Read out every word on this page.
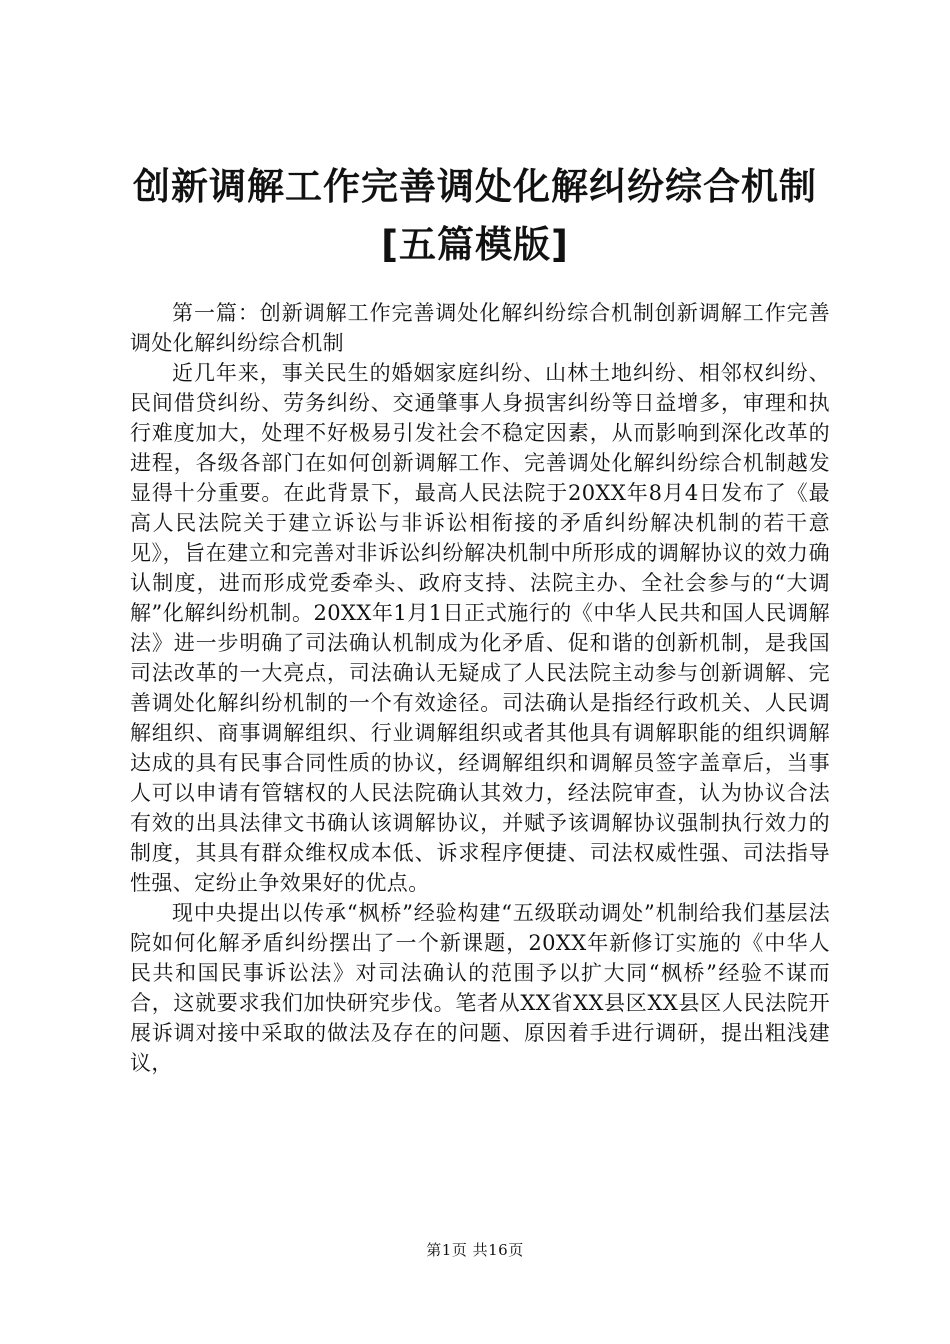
创新调解工作完善调处化解纠纷综合机制[五篇模版]

第一篇：创新调解工作完善调处化解纠纷综合机制创新调解工作完善调处化解纠纷综合机制

近几年来，事关民生的婚姻家庭纠纷、山林土地纠纷、相邻权纠纷、民间借贷纠纷、劳务纠纷、交通肇事人身损害纠纷等日益增多，审理和执行难度加大，处理不好极易引发社会不稳定因素，从而影响到深化改革的进程，各级各部门在如何创新调解工作、完善调处化解纠纷综合机制越发显得十分重要。在此背景下，最高人民法院于20XX年8月4日发布了《最高人民法院关于建立诉讼与非诉讼相衔接的矛盾纠纷解决机制的若干意见》，旨在建立和完善对非诉讼纠纷解决机制中所形成的调解协议的效力确认制度，进而形成党委牵头、政府支持、法院主办、全社会参与的“大调解”化解纠纷机制。20XX年1月1日正式施行的《中华人民共和国人民调解法》进一步明确了司法确认机制成为化矛盾、促和谐的创新机制，是我国司法改革的一大亮点，司法确认无疑成了人民法院主动参与创新调解、完善调处化解纠纷机制的一个有效途径。司法确认是指经行政机关、人民调解组织、商事调解组织、行业调解组织或者其他具有调解职能的组织调解达成的具有民事合同性质的协议，经调解组织和调解员签字盖章后，当事人可以申请有管辖权的人民法院确认其效力，经法院审查，认为协议合法有效的出具法律文书确认该调解协议，并赋予该调解协议强制执行效力的制度，其具有群众维权成本低、诉求程序便捷、司法权威性强、司法指导性强、定纷止争效果好的优点。

现中央提出以传承“枫桥”经验构建“五级联动调处”机制给我们基层法院如何化解矛盾纠纷摆出了一个新课题，20XX年新修订实施的《中华人民共和国民事诉讼法》对司法确认的范围予以扩大同“枫桥”经验不谋而合，这就要求我们加快研究步伐。笔者从XX省XX县区XX县区人民法院开展诉调对接中采取的做法及存在的问题、原因着手进行调研，提出粗浅建议，

第1页 共16页
